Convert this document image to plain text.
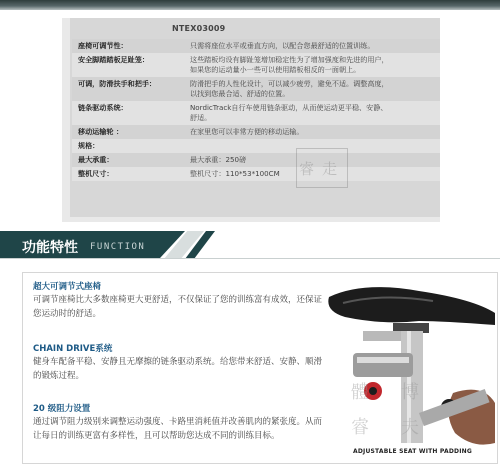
NTEX03009
座椅可调节性：	只需将座位水平或垂直方向，以配合您最舒适的位置训练。
安全脚踏踏板足趾笼：	这些踏板均设有脚趾笼增加稳定性为了增加强度和先进的用户，
如果您的运动量小一些可以使用踏板相反的一面朝上。
可调，防滑扶手和把手：	防滑把手的人性化设计，可以减少疲劳，避免不适。调整高度，
以找到您最合适、舒适的位置。
链条驱动系统：	NordicTrack自行车使用链条驱动，从而使运动更平稳、安静、
舒适。
移动运输轮 ：	在家里您可以非常方便的移动运输。
规格：
最大承重：	最大承重：250磅
整机尺寸：	整机尺寸：110*53*100CM	睿走
功能特性 FUNCTION
超大可调节式座椅

可调节座椅比大多数座椅更大更舒适，不仅保证了您的训练富有成效，还保证您运动时的舒适。

CHAIN DRIVE系统

健身车配备平稳、安静且无摩擦的链条驱动系统。给您带来舒适、安静、顺滑的锻炼过程。

20 级阻力设置

通过调节阻力级别来调整运动强度、卡路里消耗值并改善肌肉的紧张度。从而让每日的训练更富有多样性，且可以帮助您达成不同的训练目标。

體 博
睿 夫
ADJUSTABLE SEAT WITH PADDING
